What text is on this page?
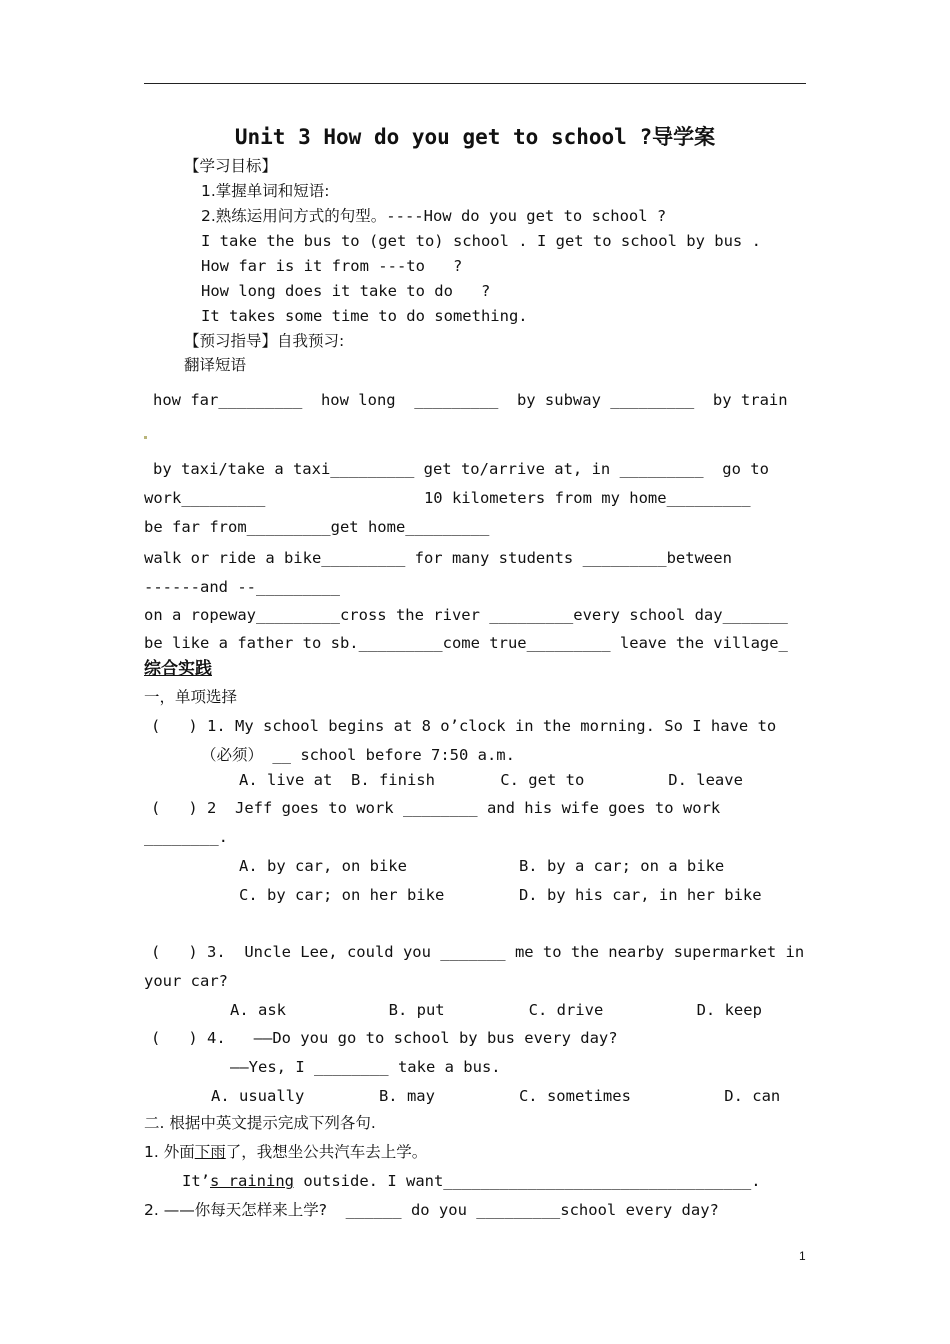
Unit 3 How do you get to school ?导学案
【学习目标】
1.掌握单词和短语:
2.熟练运用问方式的句型。----How do you get to school ?
I take the bus to (get to) school . I get to school by bus .
How far is it from ---to   ?
How long does it take to do   ?
It takes some time to do something.
【预习指导】自我预习:
翻译短语
how far_________  how long  _________  by subway _________  by train
by taxi/take a taxi_________ get to/arrive at, in _________  go to
work_________                 10 kilometers from my home_________
be far from_________get home_________
walk or ride a bike_________ for many students _________between
------and --_________
on a ropeway_________cross the river _________every school day_______
be like a father to sb._________come true_________ leave the village_
综合实践
一，单项选择
(   ) 1. My school begins at 8 o’clock in the morning. So I have to
（必须） __ school before 7:50 a.m.
A. live at  B. finish       C. get to         D. leave
(   ) 2  Jeff goes to work ________ and his wife goes to work
________.
A. by car, on bike            B. by a car; on a bike
C. by car; on her bike        D. by his car, in her bike
(   ) 3.  Uncle Lee, could you _______ me to the nearby supermarket in
your car?
A. ask           B. put         C. drive          D. keep
(   ) 4.   ——Do you go to school by bus every day?
——Yes, I ________ take a bus.
A. usually        B. may         C. sometimes          D. can
二. 根据中英文提示完成下列各句.
1. 外面下雨了，我想坐公共汽车去上学。
It’s raining outside. I want_________________________________.
2. ——你每天怎样来上学?  ______ do you _________school every day?
1
